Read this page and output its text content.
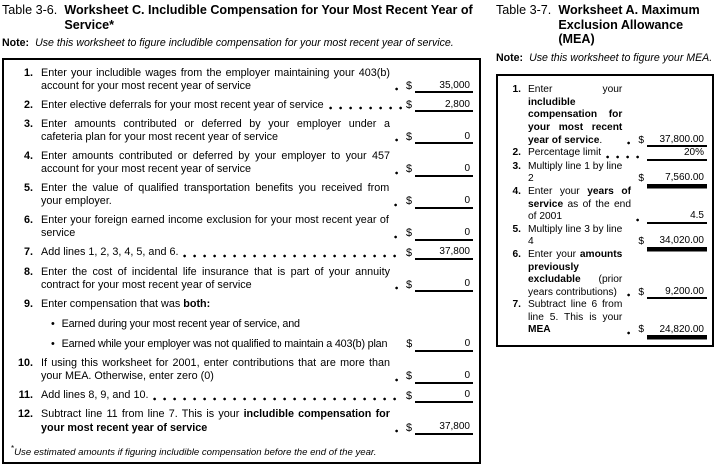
Table 3-6. Worksheet C. Includible Compensation for Your Most Recent Year of Service*
Note: Use this worksheet to figure includible compensation for your most recent year of service.
1. Enter your includible wages from the employer maintaining your 403(b) account for your most recent year of service	$	35,000
2. Enter elective deferrals for your most recent year of service	$	2,800
3. Enter amounts contributed or deferred by your employer under a cafeteria plan for your most recent year of service	$	0
4. Enter amounts contributed or deferred by your employer to your 457 account for your most recent year of service	$	0
5. Enter the value of qualified transportation benefits you received from your employer.	$	0
6. Enter your foreign earned income exclusion for your most recent year of service	$	0
7. Add lines 1, 2, 3, 4, 5, and 6.	$	37,800
8. Enter the cost of incidental life insurance that is part of your annuity contract for your most recent year of service	$	0
9. Enter compensation that was both:
• Earned during your most recent year of service, and
• Earned while your employer was not qualified to maintain a 403(b) plan $	0
10. If using this worksheet for 2001, enter contributions that are more than your MEA. Otherwise, enter zero (0)	$	0
11. Add lines 8, 9, and 10.	$	0
12. Subtract line 11 from line 7. This is your includible compensation for your most recent year of service	$	37,800
*Use estimated amounts if figuring includible compensation before the end of the year.
Table 3-7. Worksheet A. Maximum Exclusion Allowance (MEA)
Note: Use this worksheet to figure your MEA.
1. Enter your includible compensation for your most recent year of service.	$	37,800.00
2. Percentage limit	20%
3. Multiply line 1 by line 2	$	7,560.00
4. Enter your years of service as of the end of 2001	4.5
5. Multiply line 3 by line 4	$	34,020.00
6. Enter your amounts previously excludable (prior years contributions)	$	9,200.00
7. Subtract line 6 from line 5. This is your MEA	$	24,820.00
